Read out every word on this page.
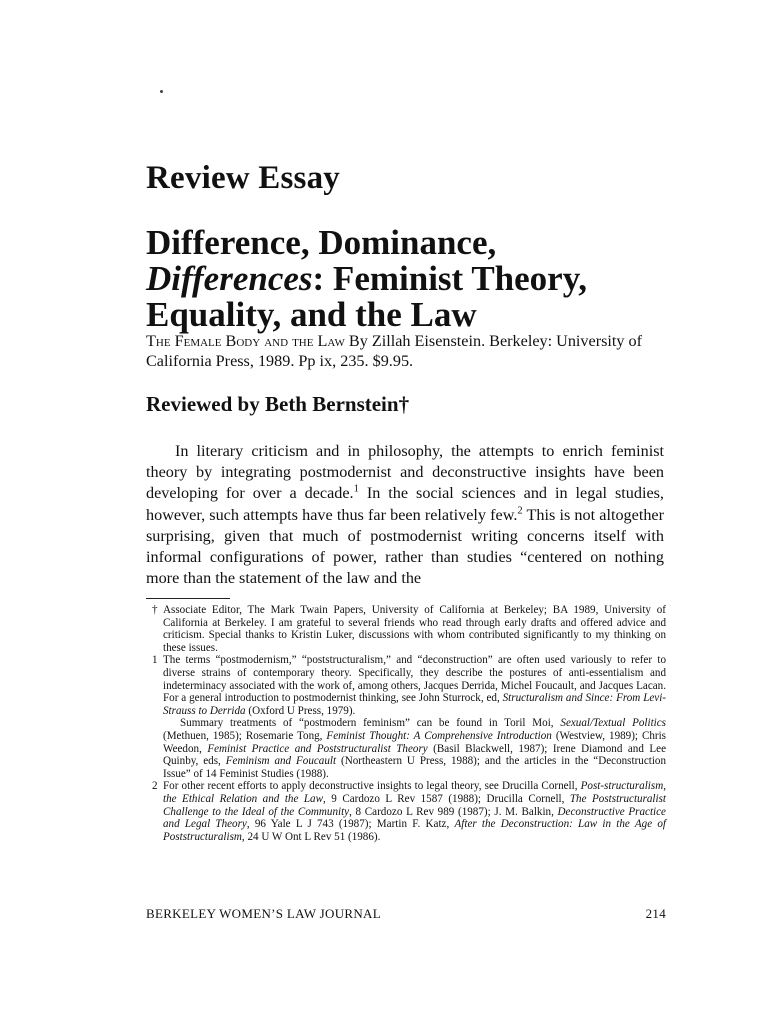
Review Essay
Difference, Dominance,
Differences: Feminist Theory,
Equality, and the Law
The Female Body and the Law By Zillah Eisenstein. Berkeley: University of California Press, 1989. Pp ix, 235. $9.95.
Reviewed by Beth Bernstein†

In literary criticism and in philosophy, the attempts to enrich feminist theory by integrating postmodernist and deconstructive insights have been developing for over a decade.$^1$ In the social sciences and in legal studies, however, such attempts have thus far been relatively few.$^2$ This is not altogether surprising, given that much of postmodernist writing concerns itself with informal configurations of power, rather than studies “centered on nothing more than the statement of the law and the

† Associate Editor, The Mark Twain Papers, University of California at Berkeley; BA 1989, University of California at Berkeley. I am grateful to several friends who read through early drafts and offered advice and criticism. Special thanks to Kristin Luker, discussions with whom contributed significantly to my thinking on these issues.

1 The terms “postmodernism,” “poststructuralism,” and “deconstruction” are often used variously to refer to diverse strains of contemporary theory. Specifically, they describe the postures of anti-essentialism and indeterminacy associated with the work of, among others, Jacques Derrida, Michel Foucault, and Jacques Lacan. For a general introduction to postmodernist thinking, see John Sturrock, ed, Structuralism and Since: From Levi-Strauss to Derrida (Oxford U Press, 1979).

Summary treatments of “postmodern feminism” can be found in Toril Moi, Sexual/Textual Politics (Methuen, 1985); Rosemarie Tong, Feminist Thought: A Comprehensive Introduction (Westview, 1989); Chris Weedon, Feminist Practice and Poststructuralist Theory (Basil Blackwell, 1987); Irene Diamond and Lee Quinby, eds, Feminism and Foucault (Northeastern U Press, 1988); and the articles in the “Deconstruction Issue” of 14 Feminist Studies (1988).

2 For other recent efforts to apply deconstructive insights to legal theory, see Drucilla Cornell, Post-structuralism, the Ethical Relation and the Law, 9 Cardozo L Rev 1587 (1988); Drucilla Cornell, The Poststructuralist Challenge to the Ideal of the Community, 8 Cardozo L Rev 989 (1987); J. M. Balkin, Deconstructive Practice and Legal Theory, 96 Yale L J 743 (1987); Martin F. Katz, After the Deconstruction: Law in the Age of Poststructuralism, 24 U W Ont L Rev 51 (1986).

BERKELEY WOMEN’S LAW JOURNAL	214
